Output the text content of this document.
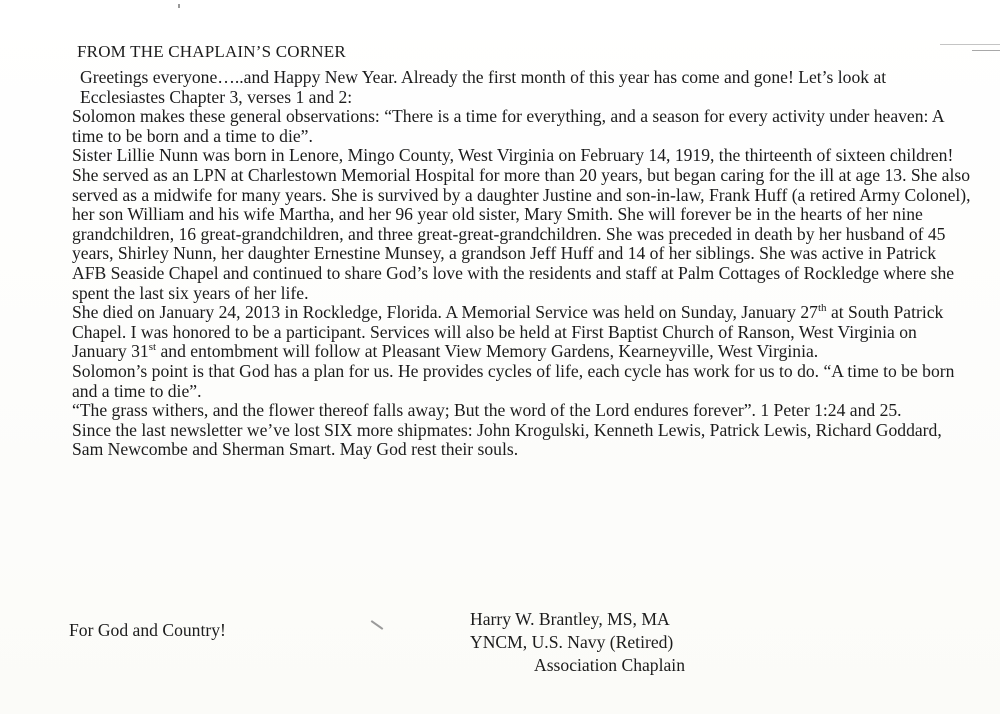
FROM THE CHAPLAIN’S CORNER

Greetings everyone…..and Happy New Year. Already the first month of this year has come and gone! Let’s look at Ecclesiastes Chapter 3, verses 1 and 2:

Solomon makes these general observations: “There is a time for everything, and a season for every activity under heaven: A time to be born and a time to die”.

Sister Lillie Nunn was born in Lenore, Mingo County, West Virginia on February 14, 1919, the thirteenth of sixteen children! She served as an LPN at Charlestown Memorial Hospital for more than 20 years, but began caring for the ill at age 13. She also served as a midwife for many years. She is survived by a daughter Justine and son-in-law, Frank Huff (a retired Army Colonel), her son William and his wife Martha, and her 96 year old sister, Mary Smith. She will forever be in the hearts of her nine grandchildren, 16 great-grandchildren, and three great-great-grandchildren. She was preceded in death by her husband of 45 years, Shirley Nunn, her daughter Ernestine Munsey, a grandson Jeff Huff and 14 of her siblings. She was active in Patrick AFB Seaside Chapel and continued to share God’s love with the residents and staff at Palm Cottages of Rockledge where she spent the last six years of her life.

She died on January 24, 2013 in Rockledge, Florida. A Memorial Service was held on Sunday, January 27th at South Patrick Chapel. I was honored to be a participant. Services will also be held at First Baptist Church of Ranson, West Virginia on January 31st and entombment will follow at Pleasant View Memory Gardens, Kearneyville, West Virginia.

Solomon’s point is that God has a plan for us. He provides cycles of life, each cycle has work for us to do. “A time to be born and a time to die”.

“The grass withers, and the flower thereof falls away; But the word of the Lord endures forever”. 1 Peter 1:24 and 25.

Since the last newsletter we’ve lost SIX more shipmates: John Krogulski, Kenneth Lewis, Patrick Lewis, Richard Goddard, Sam Newcombe and Sherman Smart. May God rest their souls.

For God and Country!
Harry W. Brantley, MS, MA
YNCM, U.S. Navy (Retired)
Association Chaplain
